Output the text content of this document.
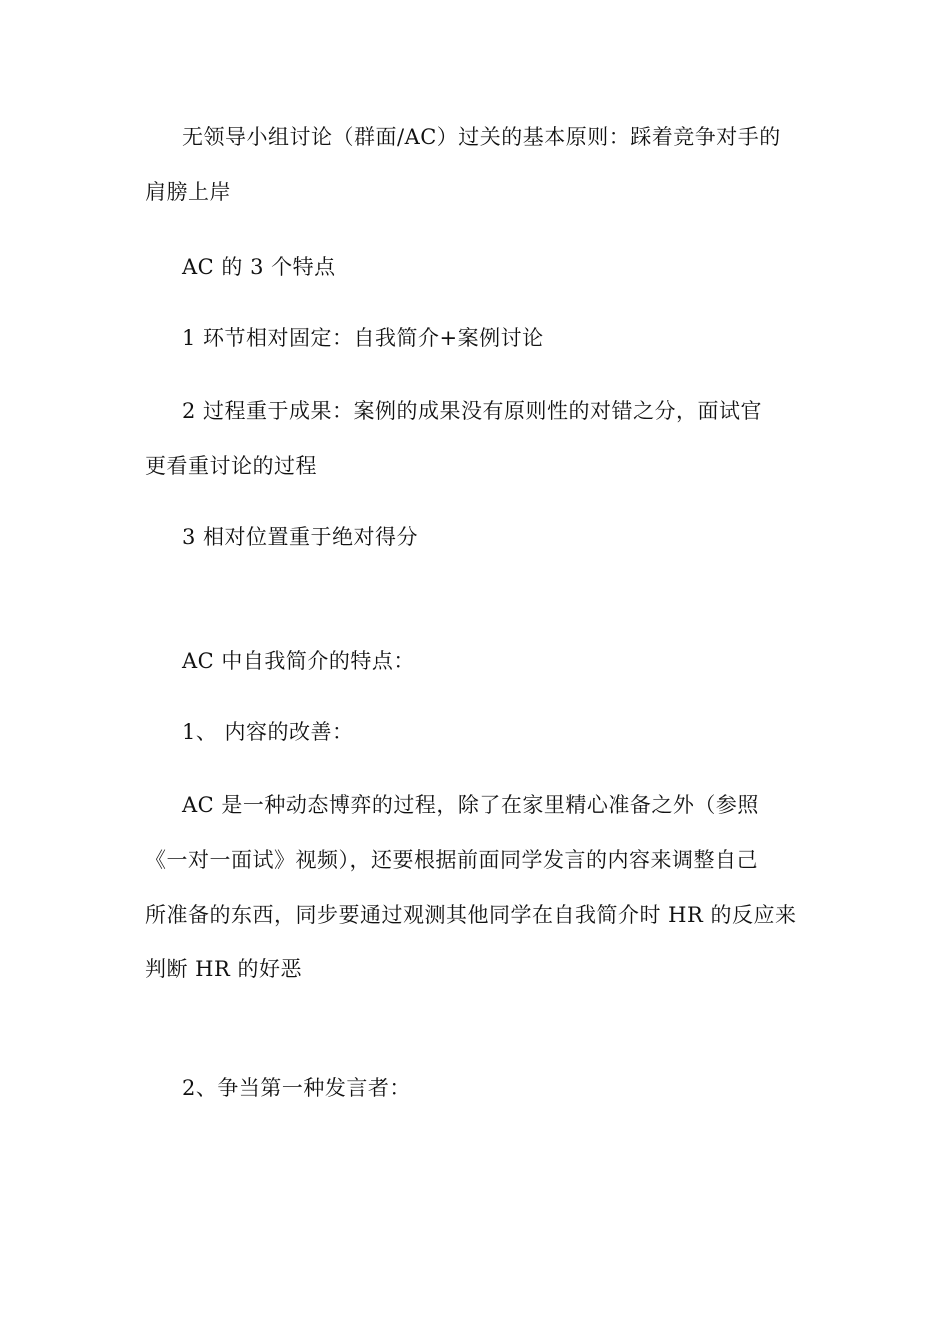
无领导小组讨论（群面/AC）过关的基本原则：踩着竞争对手的
肩膀上岸
AC 的 3 个特点
1 环节相对固定：自我简介+案例讨论
2 过程重于成果：案例的成果没有原则性的对错之分，面试官
更看重讨论的过程
3 相对位置重于绝对得分
AC 中自我简介的特点：
1、 内容的改善：
AC 是一种动态博弈的过程，除了在家里精心准备之外（参照
《一对一面试》视频），还要根据前面同学发言的内容来调整自己
所准备的东西，同步要通过观测其他同学在自我简介时 HR 的反应来
判断 HR 的好恶
2、争当第一种发言者：
